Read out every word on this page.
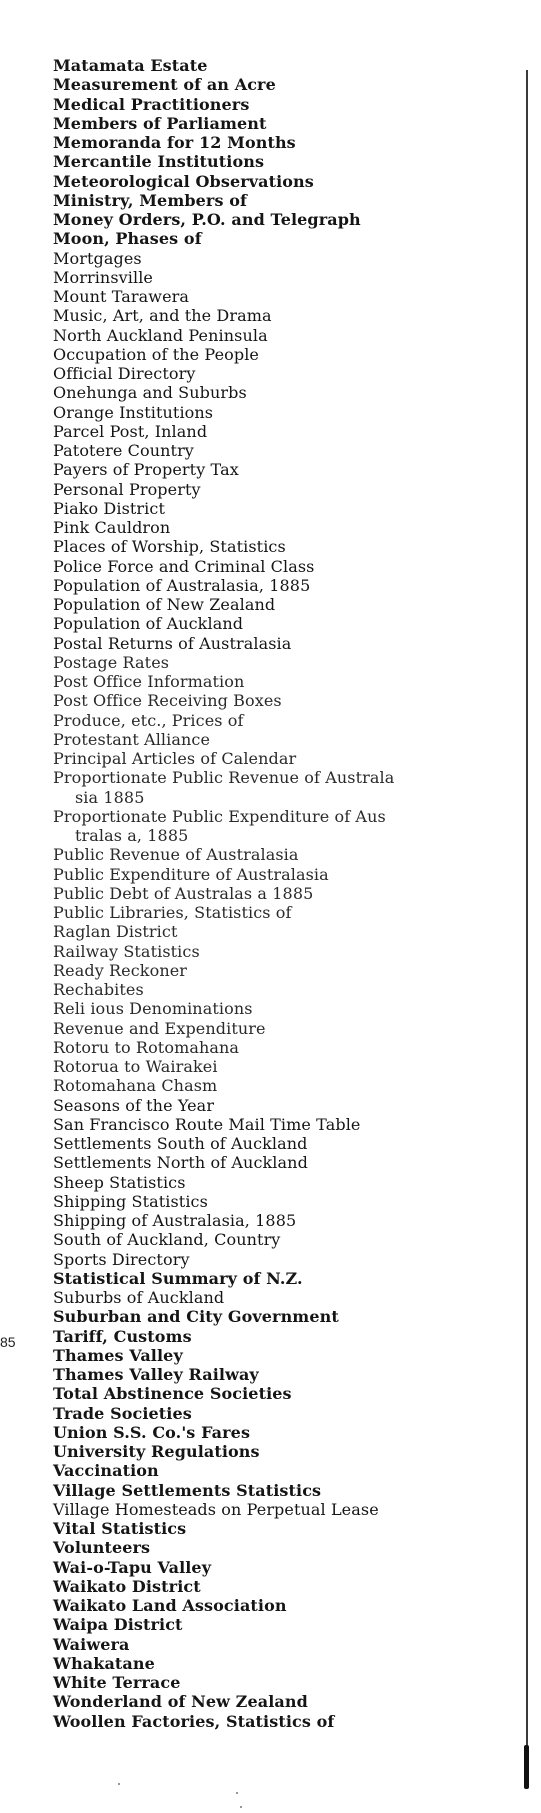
85
Matamata Estate
Measurement of an Acre
Medical Practitioners
Members of Parliament
Memoranda for 12 Months
Mercantile Institutions
Meteorological Observations
Ministry, Members of
Money Orders, P.O. and Telegraph
Moon, Phases of
Mortgages
Morrinsville
Mount Tarawera
Music, Art, and the Drama
North Auckland Peninsula
Occupation of the People
Official Directory
Onehunga and Suburbs
Orange Institutions
Parcel Post, Inland
Patotere Country
Payers of Property Tax
Personal Property
Piako District
Pink Cauldron
Places of Worship, Statistics
Police Force and Criminal Class
Population of Australasia, 1885
Population of New Zealand
Population of Auckland
Postal Returns of Australasia
Postage Rates
Post Office Information
Post Office Receiving Boxes
Produce, etc., Prices of
Protestant Alliance
Principal Articles of Calendar
Proportionate Public Revenue of Australa
sia 1885
Proportionate Public Expenditure of Aus
tralas a, 1885
Public Revenue of Australasia
Public Expenditure of Australasia
Public Debt of Australas a 1885
Public Libraries, Statistics of
Raglan District
Railway Statistics
Ready Reckoner
Rechabites
Reli ious Denominations
Revenue and Expenditure
Rotoru to Rotomahana
Rotorua to Wairakei
Rotomahana Chasm
Seasons of the Year
San Francisco Route Mail Time Table
Settlements South of Auckland
Settlements North of Auckland
Sheep Statistics
Shipping Statistics
Shipping of Australasia, 1885
South of Auckland, Country
Sports Directory
Statistical Summary of N.Z.
Suburbs of Auckland
Suburban and City Government
Tariff, Customs
Thames Valley
Thames Valley Railway
Total Abstinence Societies
Trade Societies
Union S.S. Co.'s Fares
University Regulations
Vaccination
Village Settlements Statistics
Village Homesteads on Perpetual Lease
Vital Statistics
Volunteers
Wai-o-Tapu Valley
Waikato District
Waikato Land Association
Waipa District
Waiwera
Whakatane
White Terrace
Wonderland of New Zealand
Woollen Factories, Statistics of
